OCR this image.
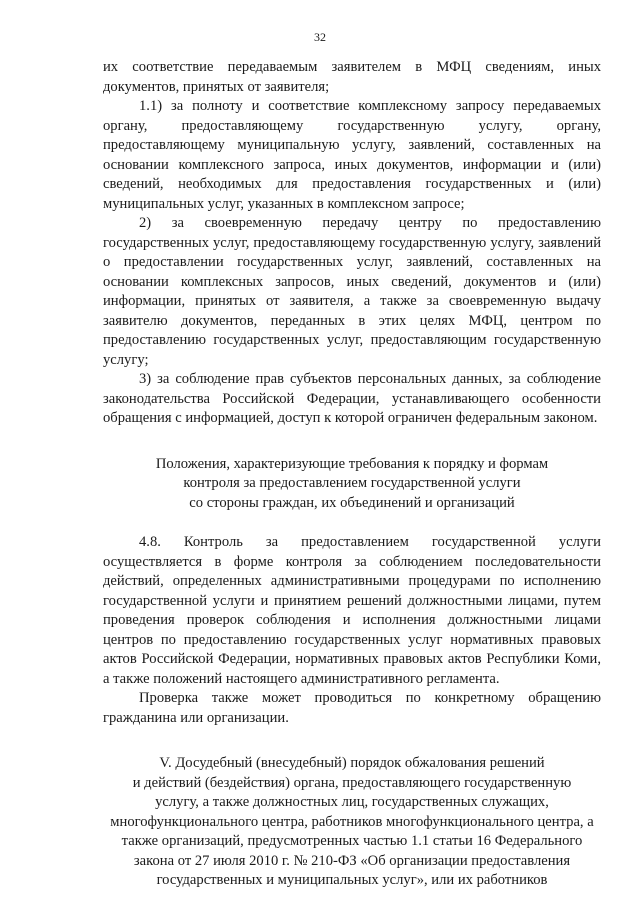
32

их соответствие передаваемым заявителем в МФЦ сведениям, иных документов, принятых от заявителя;

1.1) за полноту и соответствие комплексному запросу передаваемых органу, предоставляющему государственную услугу, органу, предоставляющему муниципальную услугу, заявлений, составленных на основании комплексного запроса, иных документов, информации и (или) сведений, необходимых для предоставления государственных и (или) муниципальных услуг, указанных в комплексном запросе;

2) за своевременную передачу центру по предоставлению государственных услуг, предоставляющему государственную услугу, заявлений о предоставлении государственных услуг, заявлений, составленных на основании комплексных запросов, иных сведений, документов и (или) информации, принятых от заявителя, а также за своевременную выдачу заявителю документов, переданных в этих целях МФЦ, центром по предоставлению государственных услуг, предоставляющим государственную услугу;

3) за соблюдение прав субъектов персональных данных, за соблюдение законодательства Российской Федерации, устанавливающего особенности обращения с информацией, доступ к которой ограничен федеральным законом.

Положения, характеризующие требования к порядку и формам
контроля за предоставлением государственной услуги
со стороны граждан, их объединений и организаций

4.8. Контроль за предоставлением государственной услуги осуществляется в форме контроля за соблюдением последовательности действий, определенных административными процедурами по исполнению государственной услуги и принятием решений должностными лицами, путем проведения проверок соблюдения и исполнения должностными лицами центров по предоставлению государственных услуг нормативных правовых актов Российской Федерации, нормативных правовых актов Республики Коми, а также положений настоящего административного регламента.

Проверка также может проводиться по конкретному обращению гражданина или организации.

V. Досудебный (внесудебный) порядок обжалования решений
и действий (бездействия) органа, предоставляющего государственную
услугу, а также должностных лиц, государственных служащих,
многофункционального центра, работников многофункционального центра, а
также организаций, предусмотренных частью 1.1 статьи 16 Федерального
закона от 27 июля 2010 г. № 210-ФЗ «Об организации предоставления
государственных и муниципальных услуг», или их работников
